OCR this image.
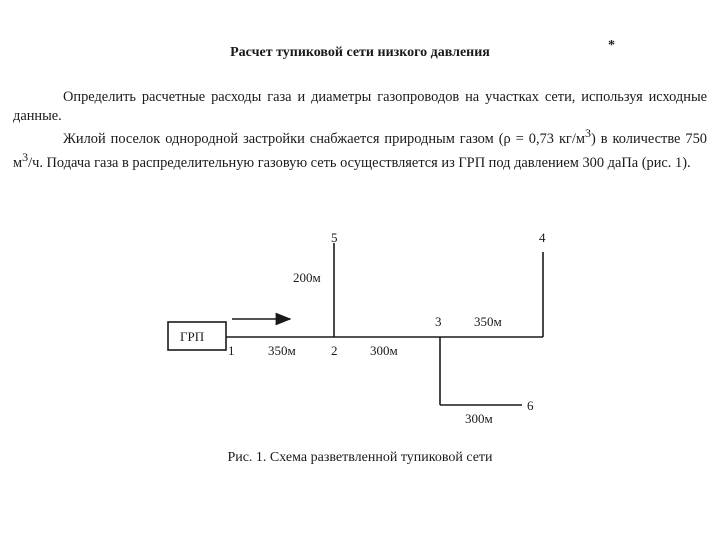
*
Расчет тупиковой сети низкого давления
Определить расчетные расходы газа и диаметры газопроводов на участках сети, используя исходные данные.
Жилой поселок однородной застройки снабжается природным газом (ρ = 0,73 $кг/м^3$) в количестве 750 $м^3/ч$. Подача газа в распределительную газовую сеть осуществляется из ГРП под давлением 300 даПа (рис. 1).
ГРП
1	2
3
4
5
6
350м	300м
200м
350м
300м
Рис. 1. Схема разветвленной тупиковой сети
